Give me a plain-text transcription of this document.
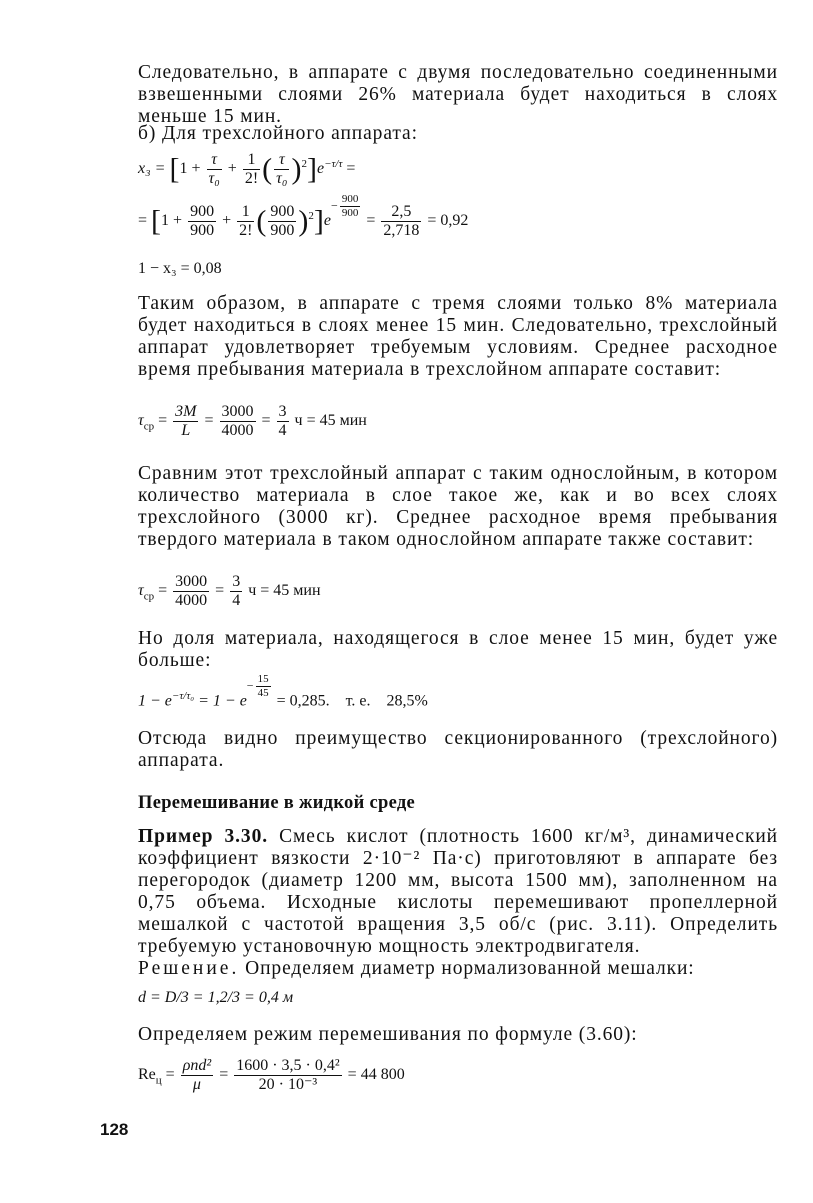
Следовательно, в аппарате с двумя последовательно соединенными взвешенными слоями 26% материала будет находиться в слоях меньше 15 мин.

б) Для трехслойного аппарата:
$x_3 = [1 + \frac{\tau}{\text{τ₀}} + \frac{1}{2!}$ ( $\frac{\tau}{\text{τ₀}} )^2]e^{-\tau/\tau}$ =
= [$1 + \frac{900}{900} + \frac{1}{2!}$ ( $\frac{900}{900} )^2]e- \frac{900}{900}$
= $\frac{2,5}{2,718} = 0,92$
1 − x₃ = 0,08

Таким образом, в аппарате с тремя слоями только 8% материала будет находиться в слоях менее 15 мин. Следовательно, трехслойный аппарат удовлетворяет требуемым условиям. Среднее расходное время пребывания материала в трехслойном аппарате составит:

$\tau_{ср} = \frac{3M}{L} = \frac{3000}{4000} = \frac{3}{4}$ ч = 45 мин

Сравним этот трехслойный аппарат с таким однослойным, в котором количество материала в слое такое же, как и во всех слоях трехслойного (3000 кг). Среднее расходное время пребывания твердого материала в таком однослойном аппарате также составит:

$\tau_{ср} = \frac{3000}{4000} = \frac{3}{4}$ ч = 45 мин

Но доля материала, находящегося в слое менее 15 мин, будет уже больше:

$1 - e^{-\tau/\tau_0} = 1 - e- \frac{15}{45}$
= 0,285. т. е. 28,5%

Отсюда видно преимущество секционированного (трехслойного) аппарата.

Перемешивание в жидкой среде

Пример 3.30. Смесь кислот (плотность 1600 кг/м³, динамический коэффициент вязкости 2·10⁻² Па·с) приготовляют в аппарате без перегородок (диаметр 1200 мм, высота 1500 мм), заполненном на 0,75 объема. Исходные кислоты перемешивают пропеллерной мешалкой с частотой вращения 3,5 об/с (рис. 3.11). Определить требуемую установочную мощность электродвигателя.

Решение. Определяем диаметр нормализованной мешалки:

d = D/3 = 1,2/3 = 0,4 м

Определяем режим перемешивания по формуле (3.60):

$Re_ц = \frac{\text{ρnd²}}{\mu} = \frac{\text{1600 · 3,5 · 0,4²}}{\text{20 · 10⁻³}} = 44$ 800
128
